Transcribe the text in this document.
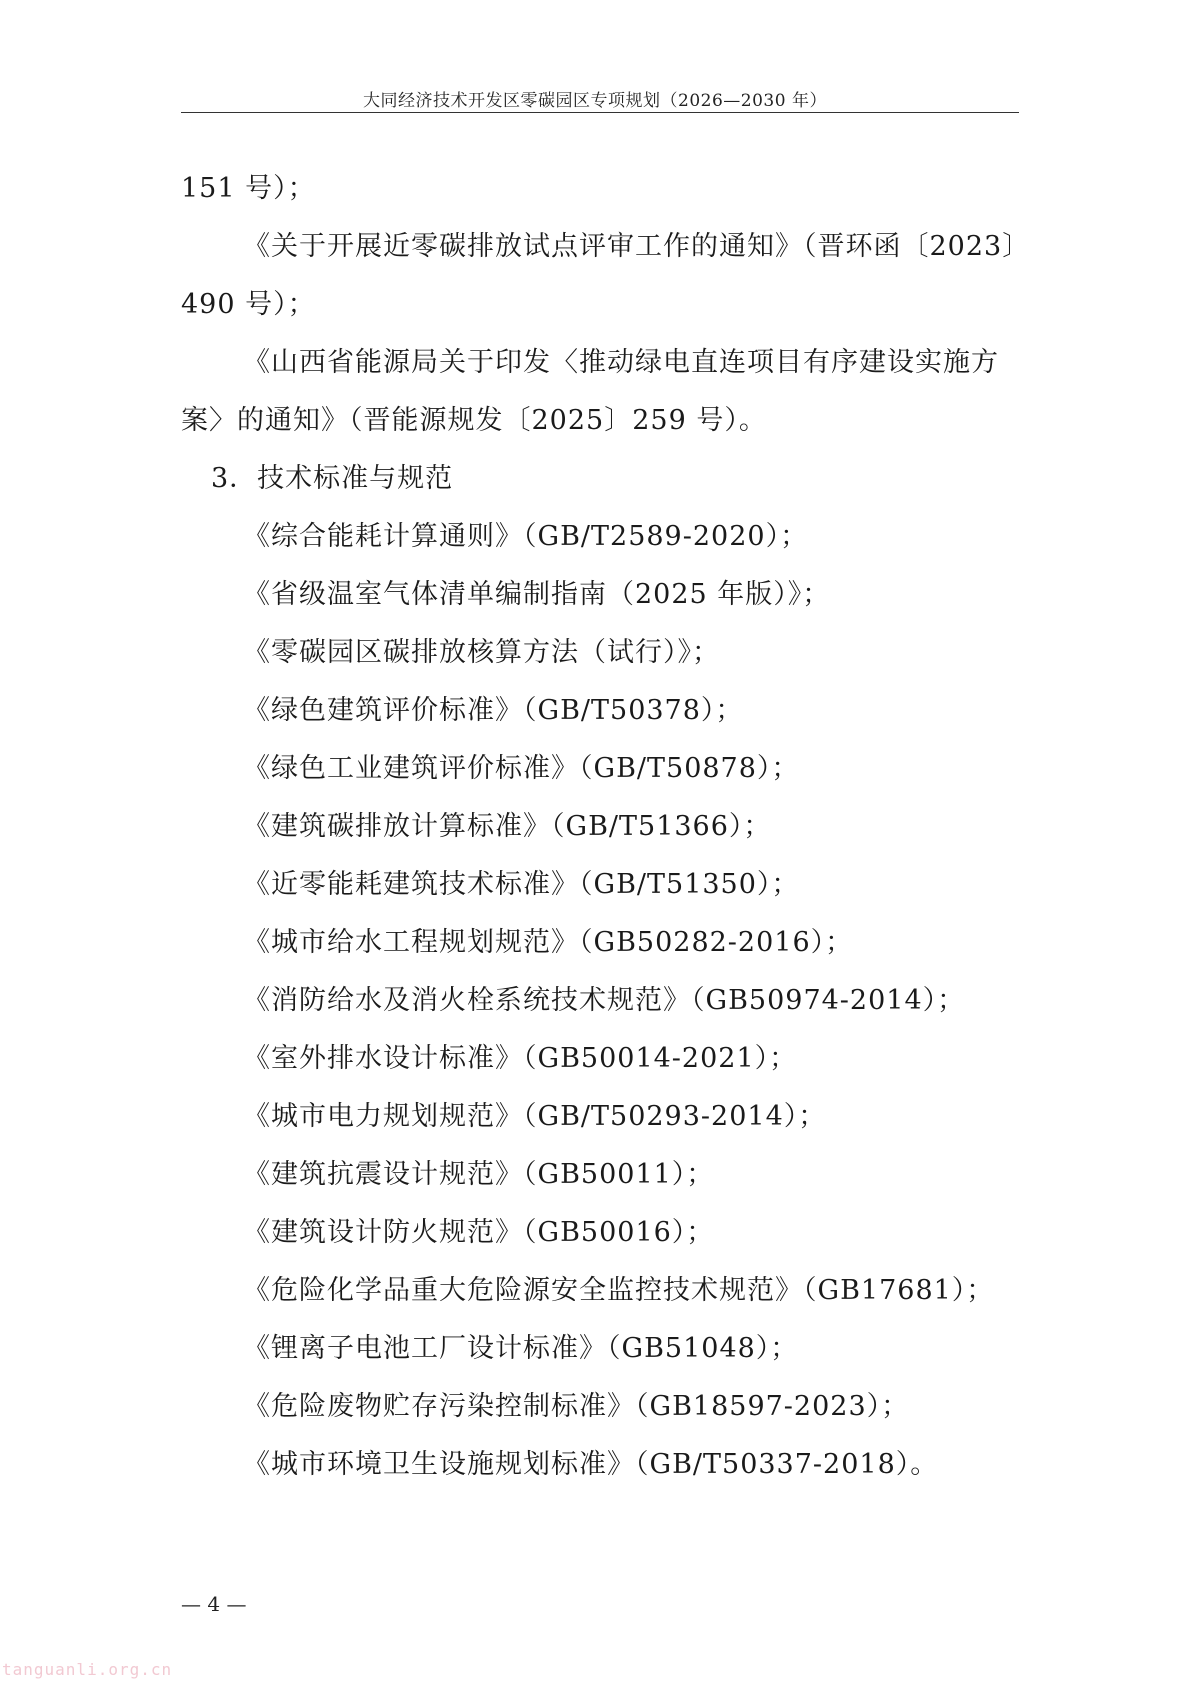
大同经济技术开发区零碳园区专项规划（2026—2030 年）

151 号）；

《关于开展近零碳排放试点评审工作的通知》（晋环函〔2023〕

490 号）；

《山西省能源局关于印发〈推动绿电直连项目有序建设实施方

案〉的通知》（晋能源规发〔2025〕259 号）。

3．技术标准与规范

《综合能耗计算通则》（GB/T2589-2020）；

《省级温室气体清单编制指南（2025 年版）》；

《零碳园区碳排放核算方法（试行）》；

《绿色建筑评价标准》（GB/T50378）；

《绿色工业建筑评价标准》（GB/T50878）；

《建筑碳排放计算标准》（GB/T51366）；

《近零能耗建筑技术标准》（GB/T51350）；

《城市给水工程规划规范》（GB50282-2016）；

《消防给水及消火栓系统技术规范》（GB50974-2014）；

《室外排水设计标准》（GB50014-2021）；

《城市电力规划规范》（GB/T50293-2014）；

《建筑抗震设计规范》（GB50011）；

《建筑设计防火规范》（GB50016）；

《危险化学品重大危险源安全监控技术规范》（GB17681）；

《锂离子电池工厂设计标准》（GB51048）；

《危险废物贮存污染控制标准》（GB18597-2023）；

《城市环境卫生设施规划标准》（GB/T50337-2018）。

— 4 —
tanguanli.org.cn
